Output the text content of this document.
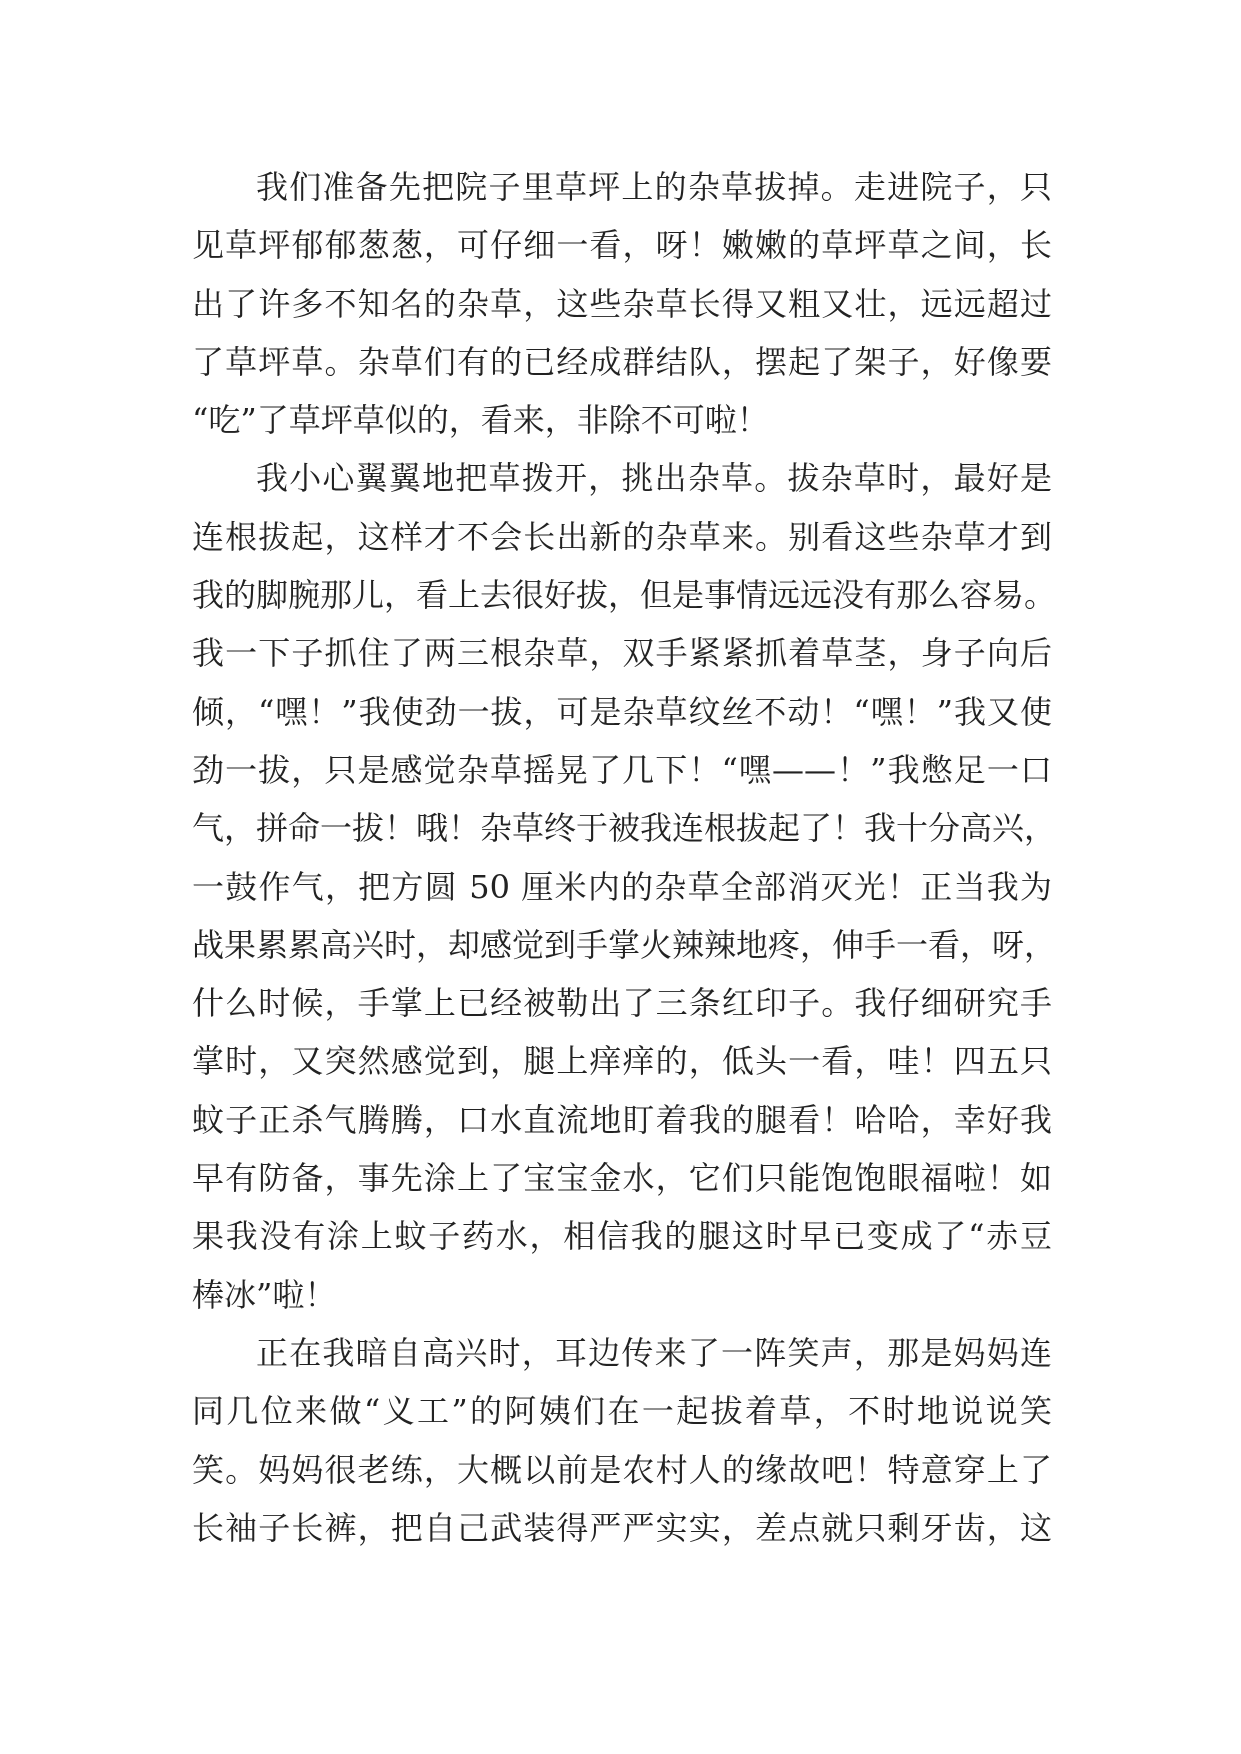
我们准备先把院子里草坪上的杂草拔掉。走进院子，只
见草坪郁郁葱葱，可仔细一看，呀！嫩嫩的草坪草之间，长
出了许多不知名的杂草，这些杂草长得又粗又壮，远远超过
了草坪草。杂草们有的已经成群结队，摆起了架子，好像要
“吃”了草坪草似的，看来，非除不可啦！
我小心翼翼地把草拨开，挑出杂草。拔杂草时，最好是
连根拔起，这样才不会长出新的杂草来。别看这些杂草才到
我的脚腕那儿，看上去很好拔，但是事情远远没有那么容易。
我一下子抓住了两三根杂草，双手紧紧抓着草茎，身子向后
倾，“嘿！”我使劲一拔，可是杂草纹丝不动！“嘿！”我又使
劲一拔，只是感觉杂草摇晃了几下！“嘿——！”我憋足一口
气，拼命一拔！哦！杂草终于被我连根拔起了！我十分高兴，
一鼓作气，把方圆 50 厘米内的杂草全部消灭光！正当我为
战果累累高兴时，却感觉到手掌火辣辣地疼，伸手一看，呀，
什么时候，手掌上已经被勒出了三条红印子。我仔细研究手
掌时，又突然感觉到，腿上痒痒的，低头一看，哇！四五只
蚊子正杀气腾腾，口水直流地盯着我的腿看！哈哈，幸好我
早有防备，事先涂上了宝宝金水，它们只能饱饱眼福啦！如
果我没有涂上蚊子药水，相信我的腿这时早已变成了“赤豆
棒冰”啦！
正在我暗自高兴时，耳边传来了一阵笑声，那是妈妈连
同几位来做“义工”的阿姨们在一起拔着草，不时地说说笑
笑。妈妈很老练，大概以前是农村人的缘故吧！特意穿上了
长袖子长裤，把自己武装得严严实实，差点就只剩牙齿，这
